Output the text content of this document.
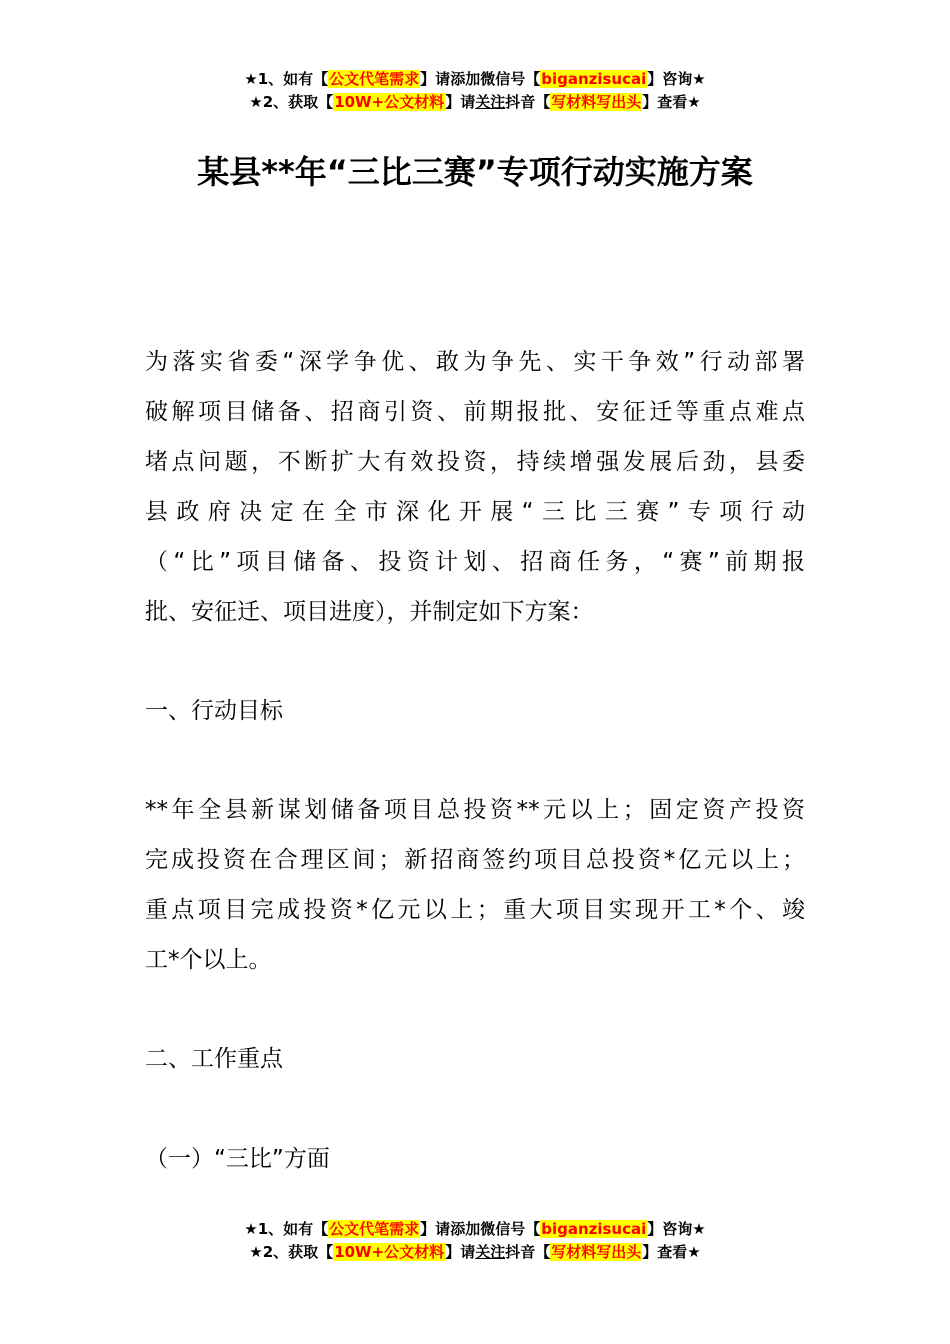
★1、如有【公文代笔需求】请添加微信号【biganzisucai】咨询★
★2、获取【10W+公文材料】请关注抖音【写材料写出头】查看★
某县**年“三比三赛”专项行动实施方案
为落实省委“深学争优、敢为争先、实干争效”行动部署
破解项目储备、招商引资、前期报批、安征迁等重点难点
堵点问题，不断扩大有效投资，持续增强发展后劲，县委
县政府决定在全市深化开展“三比三赛”专项行动
（“比”项目储备、投资计划、招商任务，“赛”前期报
批、安征迁、项目进度），并制定如下方案：
一、行动目标
**年全县新谋划储备项目总投资**元以上；固定资产投资
完成投资在合理区间；新招商签约项目总投资*亿元以上；
重点项目完成投资*亿元以上；重大项目实现开工*个、竣
工*个以上。
二、工作重点
（一）“三比”方面
★1、如有【公文代笔需求】请添加微信号【biganzisucai】咨询★
★2、获取【10W+公文材料】请关注抖音【写材料写出头】查看★
